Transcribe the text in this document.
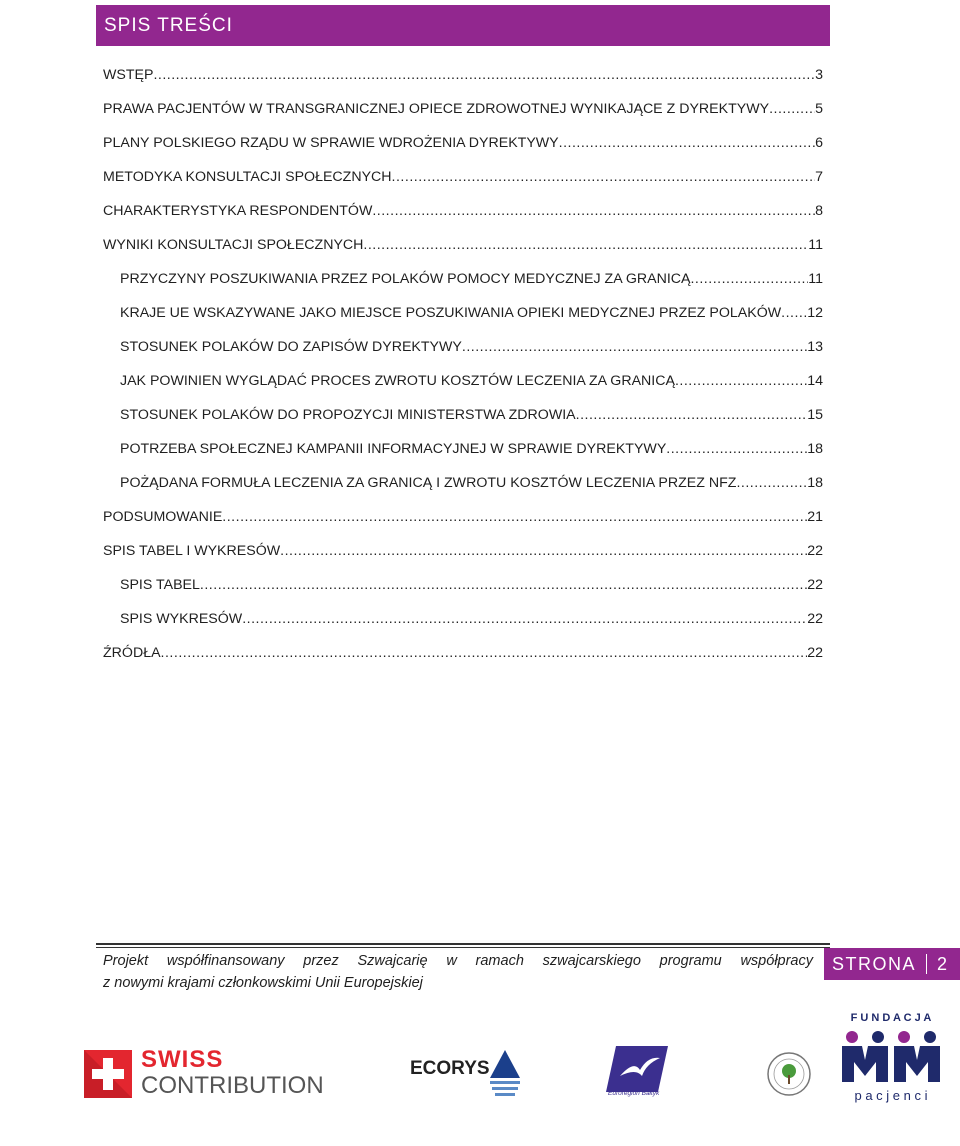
SPIS TREŚCI
WSTĘP .....	3
PRAWA PACJENTÓW W TRANSGRANICZNEJ OPIECE ZDROWOTNEJ WYNIKAJĄCE Z DYREKTYWY .....	5
PLANY POLSKIEGO RZĄDU W SPRAWIE WDROŻENIA DYREKTYWY .....	6
METODYKA KONSULTACJI SPOŁECZNYCH .....	7
CHARAKTERYSTYKA RESPONDENTÓW .....	8
WYNIKI KONSULTACJI SPOŁECZNYCH .....	11
PRZYCZYNY POSZUKIWANIA PRZEZ POLAKÓW POMOCY MEDYCZNEJ ZA GRANICĄ .....	11
KRAJE UE WSKAZYWANE JAKO MIEJSCE POSZUKIWANIA OPIEKI MEDYCZNEJ PRZEZ POLAKÓW ..... 12
STOSUNEK POLAKÓW DO ZAPISÓW DYREKTYWY .....	13
JAK POWINIEN WYGLĄDAĆ PROCES ZWROTU KOSZTÓW LECZENIA ZA GRANICĄ .....	14
STOSUNEK POLAKÓW DO PROPOZYCJI MINISTERSTWA ZDROWIA .....	15
POTRZEBA SPOŁECZNEJ KAMPANII INFORMACYJNEJ W SPRAWIE DYREKTYWY .....	18
POŻĄDANA FORMUŁA LECZENIA ZA GRANICĄ I ZWROTU KOSZTÓW LECZENIA PRZEZ NFZ .....	18
PODSUMOWANIE .....	21
SPIS TABEL I WYKRESÓW .....	22
SPIS TABEL .....	22
SPIS WYKRESÓW .....	22
ŹRÓDŁA .....	22
Projekt współfinansowany przez Szwajcarię w ramach szwajcarskiego programu współpracy
z nowymi krajami członkowskimi Unii Europejskiej
STRONA 2
SWISS
CONTRIBUTION
ECORYS
Euroregion Bałtyk
F U N D A C J A
p a c j e n c i
